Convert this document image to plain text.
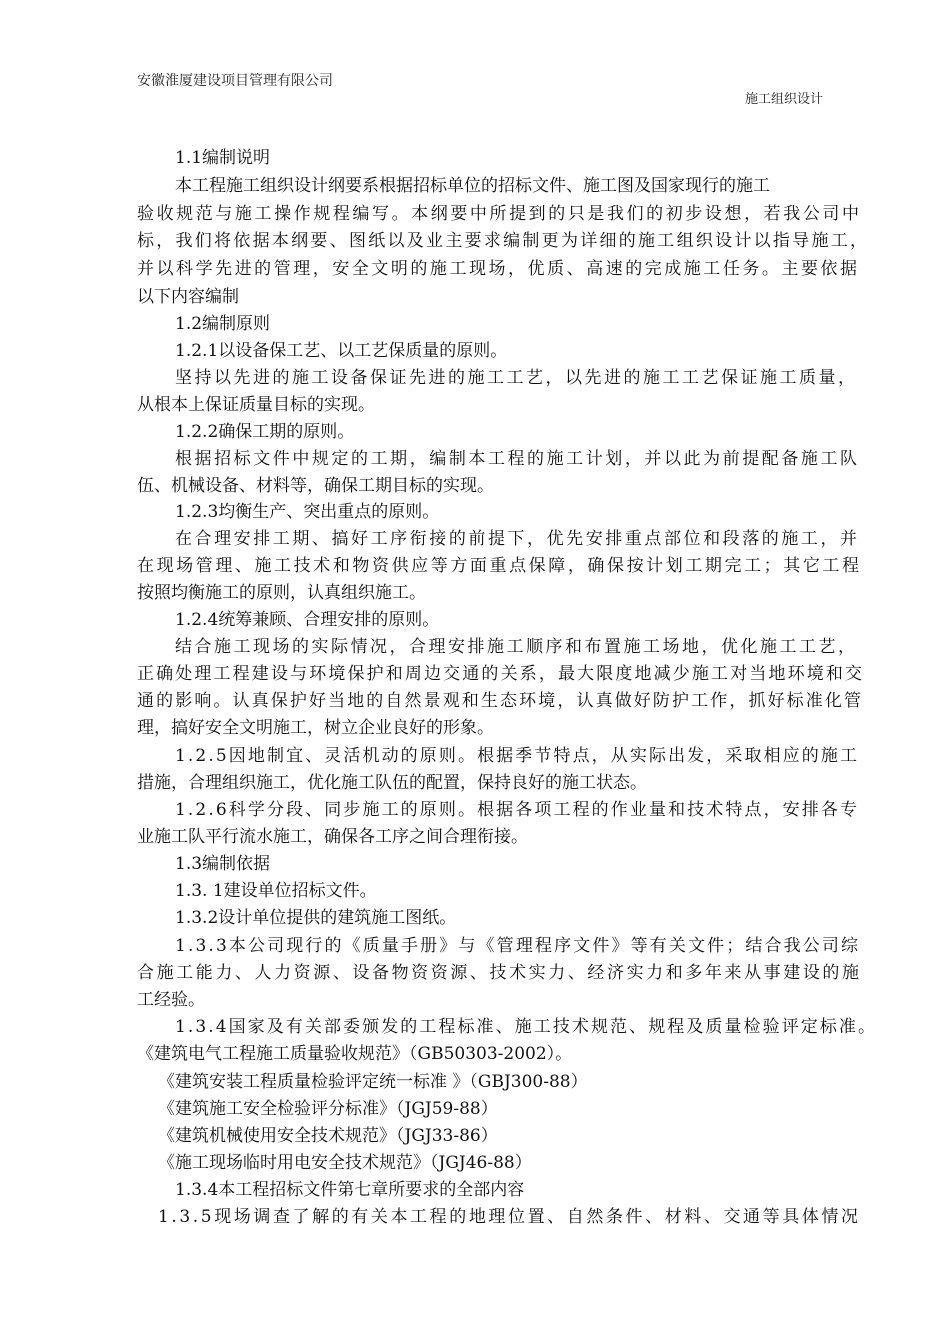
安徽淮厦建设项目管理有限公司
施工组织设计
1.1编制说明
本工程施工组织设计纲要系根据招标单位的招标文件、施工图及国家现行的施工
验收规范与施工操作规程编写。本纲要中所提到的只是我们的初步设想，若我公司中
标，我们将依据本纲要、图纸以及业主要求编制更为详细的施工组织设计以指导施工，
并以科学先进的管理，安全文明的施工现场，优质、高速的完成施工任务。主要依据
以下内容编制
1.2编制原则
1.2.1以设备保工艺、以工艺保质量的原则。
坚持以先进的施工设备保证先进的施工工艺，以先进的施工工艺保证施工质量，
从根本上保证质量目标的实现。
1.2.2确保工期的原则。
根据招标文件中规定的工期，编制本工程的施工计划，并以此为前提配备施工队
伍、机械设备、材料等，确保工期目标的实现。
1.2.3均衡生产、突出重点的原则。
在合理安排工期、搞好工序衔接的前提下，优先安排重点部位和段落的施工，并
在现场管理、施工技术和物资供应等方面重点保障，确保按计划工期完工；其它工程
按照均衡施工的原则，认真组织施工。
1.2.4统筹兼顾、合理安排的原则。
结合施工现场的实际情况，合理安排施工顺序和布置施工场地，优化施工工艺，
正确处理工程建设与环境保护和周边交通的关系，最大限度地减少施工对当地环境和交
通的影响。认真保护好当地的自然景观和生态环境，认真做好防护工作，抓好标准化管
理，搞好安全文明施工，树立企业良好的形象。
1.2.5因地制宜、灵活机动的原则。根据季节特点，从实际出发，采取相应的施工
措施，合理组织施工，优化施工队伍的配置，保持良好的施工状态。
1.2.6科学分段、同步施工的原则。根据各项工程的作业量和技术特点，安排各专
业施工队平行流水施工，确保各工序之间合理衔接。
1.3编制依据
1.3. 1建设单位招标文件。
1.3.2设计单位提供的建筑施工图纸。
1.3.3本公司现行的《质量手册》与《管理程序文件》等有关文件；结合我公司综
合施工能力、人力资源、设备物资资源、技术实力、经济实力和多年来从事建设的施
工经验。
1.3.4国家及有关部委颁发的工程标准、施工技术规范、规程及质量检验评定标准。
《建筑电气工程施工质量验收规范》（GB50303-2002）。
《建筑安装工程质量检验评定统一标准 》（GBJ300-88）
《建筑施工安全检验评分标准》（JGJ59-88）
《建筑机械使用安全技术规范》（JGJ33-86）
《施工现场临时用电安全技术规范》（JGJ46-88）
1.3.4本工程招标文件第七章所要求的全部内容
1.3.5现场调查了解的有关本工程的地理位置、自然条件、材料、交通等具体情况
